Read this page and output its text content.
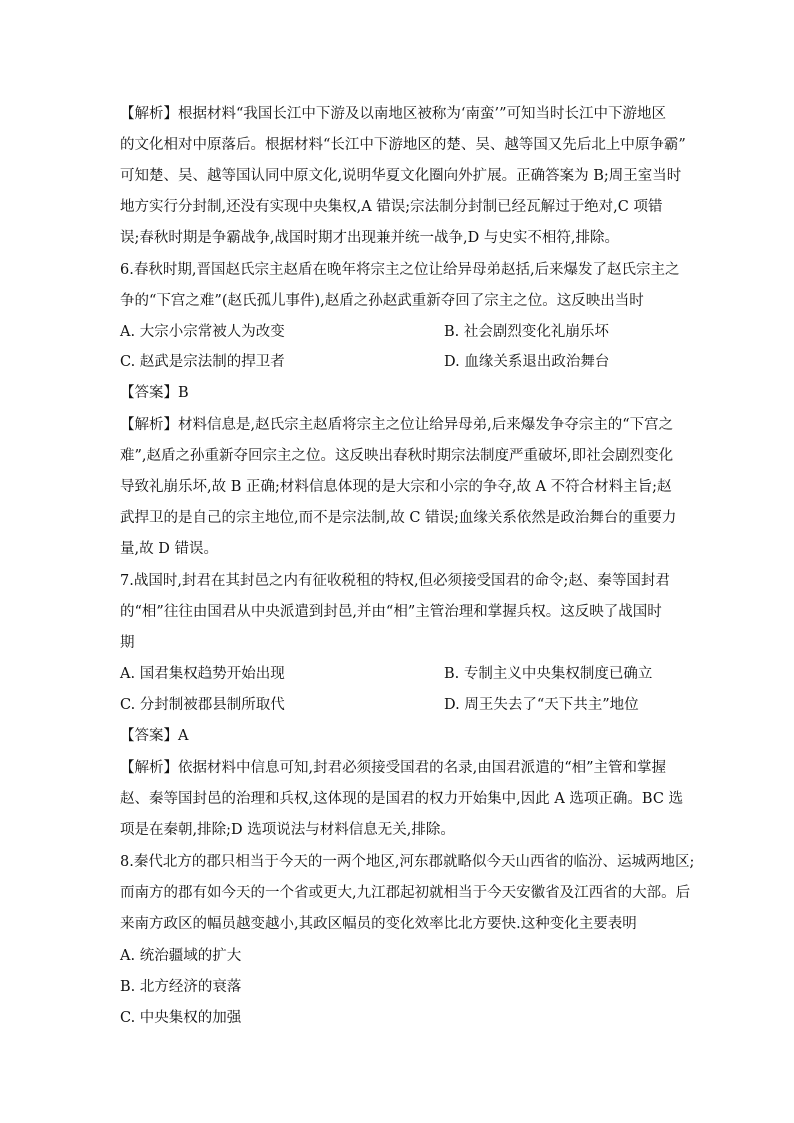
【解析】根据材料“我国长江中下游及以南地区被称为‘南蛮’”可知当时长江中下游地区
的文化相对中原落后。根据材料“长江中下游地区的楚、吴、越等国又先后北上中原争霸”
可知楚、吴、越等国认同中原文化,说明华夏文化圈向外扩展。正确答案为 B;周王室当时
地方实行分封制,还没有实现中央集权,A 错误;宗法制分封制已经瓦解过于绝对,C 项错
误;春秋时期是争霸战争,战国时期才出现兼并统一战争,D 与史实不相符,排除。
6.春秋时期,晋国赵氏宗主赵盾在晚年将宗主之位让给异母弟赵括,后来爆发了赵氏宗主之
争的“下宫之难”(赵氏孤儿事件),赵盾之孙赵武重新夺回了宗主之位。这反映出当时
A. 大宗小宗常被人为改变	B. 社会剧烈变化礼崩乐坏
C. 赵武是宗法制的捍卫者	D. 血缘关系退出政治舞台
【答案】B
【解析】材料信息是,赵氏宗主赵盾将宗主之位让给异母弟,后来爆发争夺宗主的“下宫之
难”,赵盾之孙重新夺回宗主之位。这反映出春秋时期宗法制度严重破坏,即社会剧烈变化
导致礼崩乐坏,故 B 正确;材料信息体现的是大宗和小宗的争夺,故 A 不符合材料主旨;赵
武捍卫的是自己的宗主地位,而不是宗法制,故 C 错误;血缘关系依然是政治舞台的重要力
量,故 D 错误。
7.战国时,封君在其封邑之内有征收税租的特权,但必须接受国君的命令;赵、秦等国封君
的“相”往往由国君从中央派遣到封邑,并由“相”主管治理和掌握兵权。这反映了战国时
期
A. 国君集权趋势开始出现	B. 专制主义中央集权制度已确立
C. 分封制被郡县制所取代	D. 周王失去了“天下共主”地位
【答案】A
【解析】依据材料中信息可知,封君必须接受国君的名录,由国君派遣的“相”主管和掌握
赵、秦等国封邑的治理和兵权,这体现的是国君的权力开始集中,因此 A 选项正确。BC 选
项是在秦朝,排除;D 选项说法与材料信息无关,排除。
8.秦代北方的郡只相当于今天的一两个地区,河东郡就略似今天山西省的临汾、运城两地区;
而南方的郡有如今天的一个省或更大,九江郡起初就相当于今天安徽省及江西省的大部。后
来南方政区的幅员越变越小,其政区幅员的变化效率比北方要快.这种变化主要表明
A. 统治疆域的扩大
B. 北方经济的衰落
C. 中央集权的加强
